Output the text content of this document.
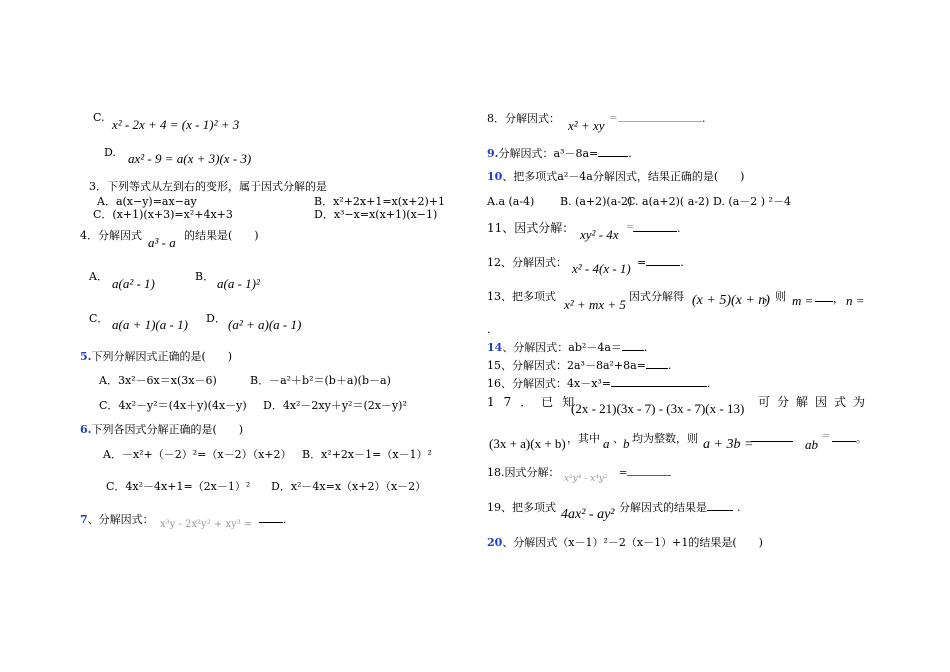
C. x² - 2x + 4 = (x - 1)² + 3
D. ax² - 9 = a(x + 3)(x - 3)
3．下列等式从左到右的变形，属于因式分解的是
A．a(x−y)=ax−ay	B．x²+2x+1=x(x+2)+1
C．(x+1)(x+3)=x²+4x+3	D．x³−x=x(x+1)(x−1)
4．分解因式 a³ - a 的结果是(　　)
A． a(a² - 1)	B． a(a - 1)²
C． a(a + 1)(a - 1) D． (a² + a)(a - 1)
5.下列分解因式正确的是(　　)
A．3x²－6x＝x(3x－6)	B．－a²＋b²＝(b＋a)(b－a)
C．4x²－y²＝(4x＋y)(4x－y) D．4x²－2xy＋y²＝(2x－y)²
6.下列各因式分解正确的是(　　)
A．－x²+（－2）²=（x－2）（x+2） B．x²+2x－1=（x－1）²
C．4x²－4x+1=（2x－1）² D．x²－4x=x（x+2）（x－2）
7、分解因式： x³y - 2x²y² + xy³ =	.
8．分解因式： x² + xy =	.
9.分解因式：a³－8a=	.
10、把多项式a²－4a分解因式，结果正确的是(　　)
A.a (a-4) B. (a+2)(a-2)
C. a(a+2)( a-2) D. (a－2 ) ²－4
11、因式分解： xy² - 4x =	.
12、分解因式： x² - 4(x - 1) =	.
13、把多项式
x² + mx + 5
因式分解得 (x + 5)(x + n)
，则 m =	， n =
.
14、分解因式：ab²－4a＝ .
15、分解因式：2a³－8a²+8a= .
16、分解因式：4x－x³=	.
17．已知
(2x - 21)(3x - 7) - (3x - 7)(x - 13) 可分解因式为
(3x + a)(x + b) ，其中 a 、 b 均为整数，则 a + 3b =	ab
=	。
18.因式分解： x²y⁴ - x⁴y² =
19、把多项式 4ax² - ay² 分解因式的结果是	.
20、分解因式（x－1）²－2（x－1）+1的结果是(　　)
